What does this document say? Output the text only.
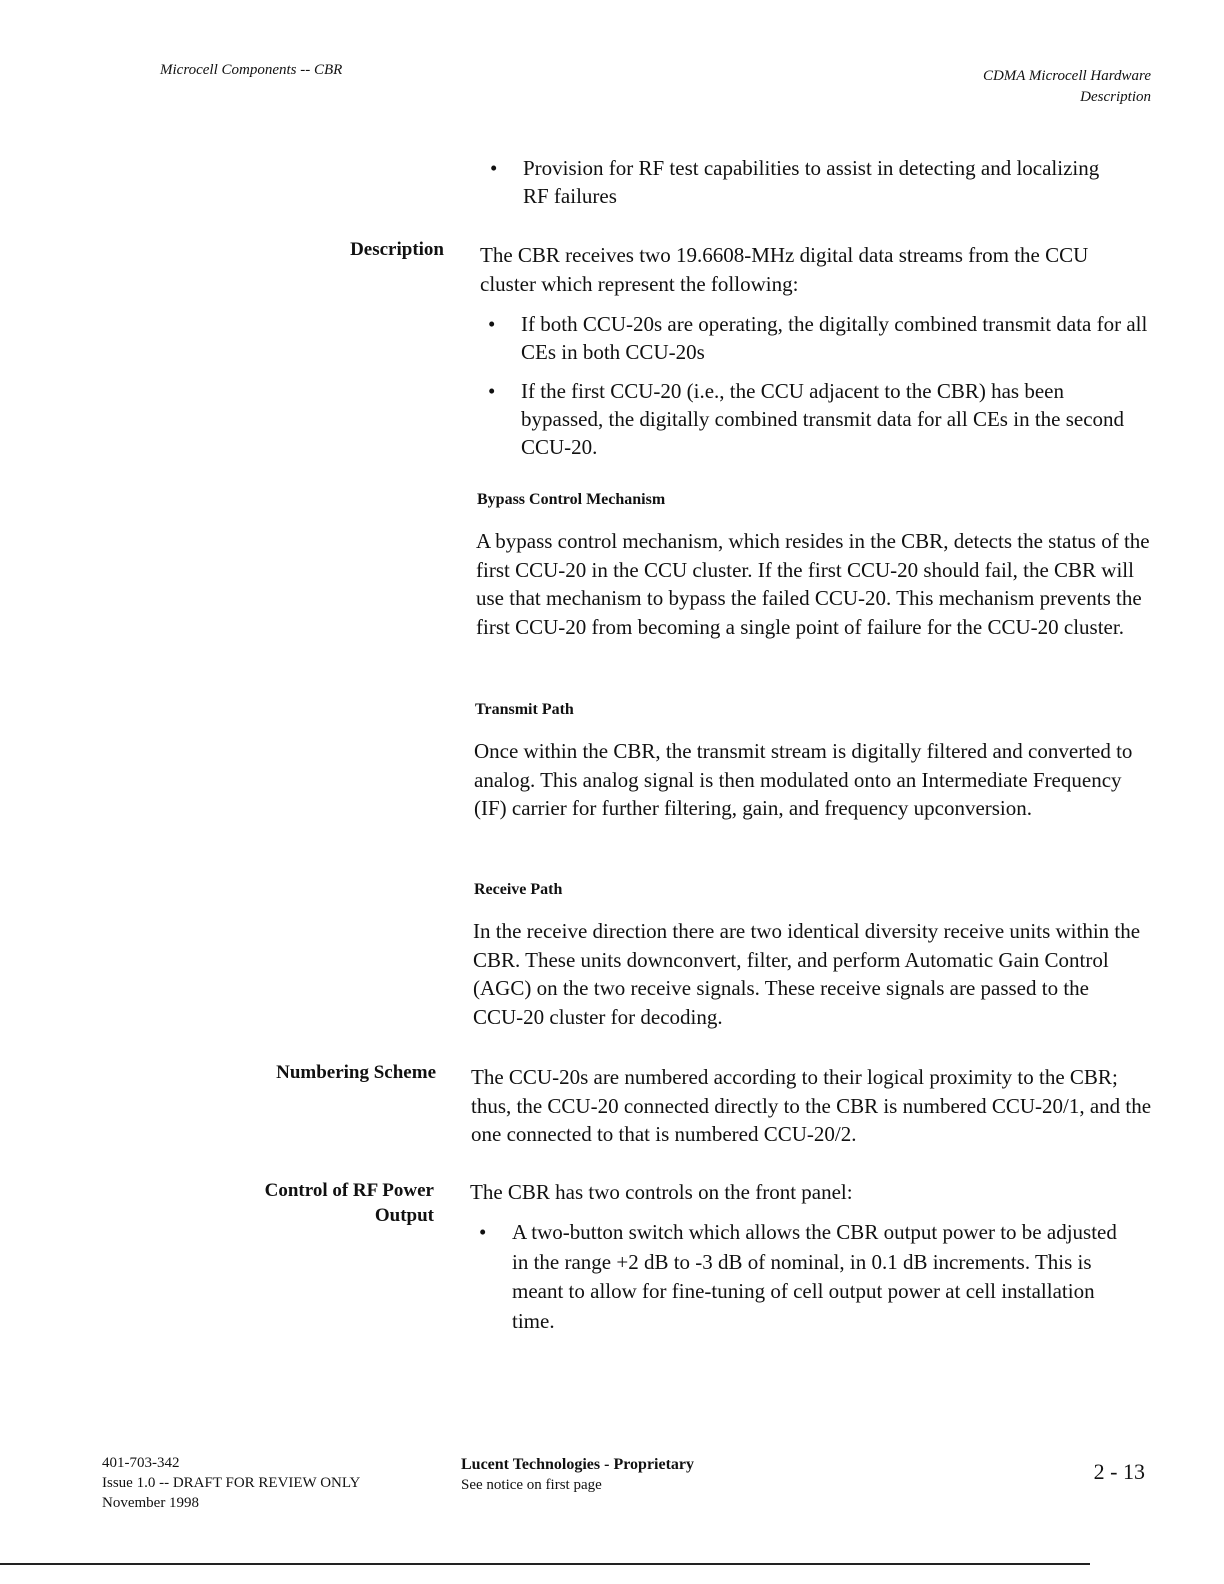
Microcell Components -- CBR	CDMA Microcell Hardware
Description
• Provision for RF test capabilities to assist in detecting and localizing RF failures
Description The CBR receives two 19.6608-MHz digital data streams from the CCU cluster which represent the following:

• If both CCU-20s are operating, the digitally combined transmit data for all CEs in both CCU-20s
• If the first CCU-20 (i.e., the CCU adjacent to the CBR) has been bypassed, the digitally combined transmit data for all CEs in the second CCU-20.
Bypass Control Mechanism

A bypass control mechanism, which resides in the CBR, detects the status of the first CCU-20 in the CCU cluster. If the first CCU-20 should fail, the CBR will use that mechanism to bypass the failed CCU-20. This mechanism prevents the first CCU-20 from becoming a single point of failure for the CCU-20 cluster.

Transmit Path

Once within the CBR, the transmit stream is digitally filtered and converted to analog. This analog signal is then modulated onto an Intermediate Frequency (IF) carrier for further filtering, gain, and frequency upconversion.

Receive Path

In the receive direction there are two identical diversity receive units within the CBR. These units downconvert, filter, and perform Automatic Gain Control (AGC) on the two receive signals. These receive signals are passed to the CCU-20 cluster for decoding.

Numbering Scheme The CCU-20s are numbered according to their logical proximity to the CBR; thus, the CCU-20 connected directly to the CBR is numbered CCU-20/1, and the one connected to that is numbered CCU-20/2.

Control of RF Power
Output

The CBR has two controls on the front panel:

• A two-button switch which allows the CBR output power to be adjusted in the range +2 dB to -3 dB of nominal, in 0.1 dB increments. This is meant to allow for fine-tuning of cell output power at cell installation time.
401-703-342
Issue 1.0 -- DRAFT FOR REVIEW ONLY
November 1998
Lucent Technologies - Proprietary
See notice on first page
2 - 13
